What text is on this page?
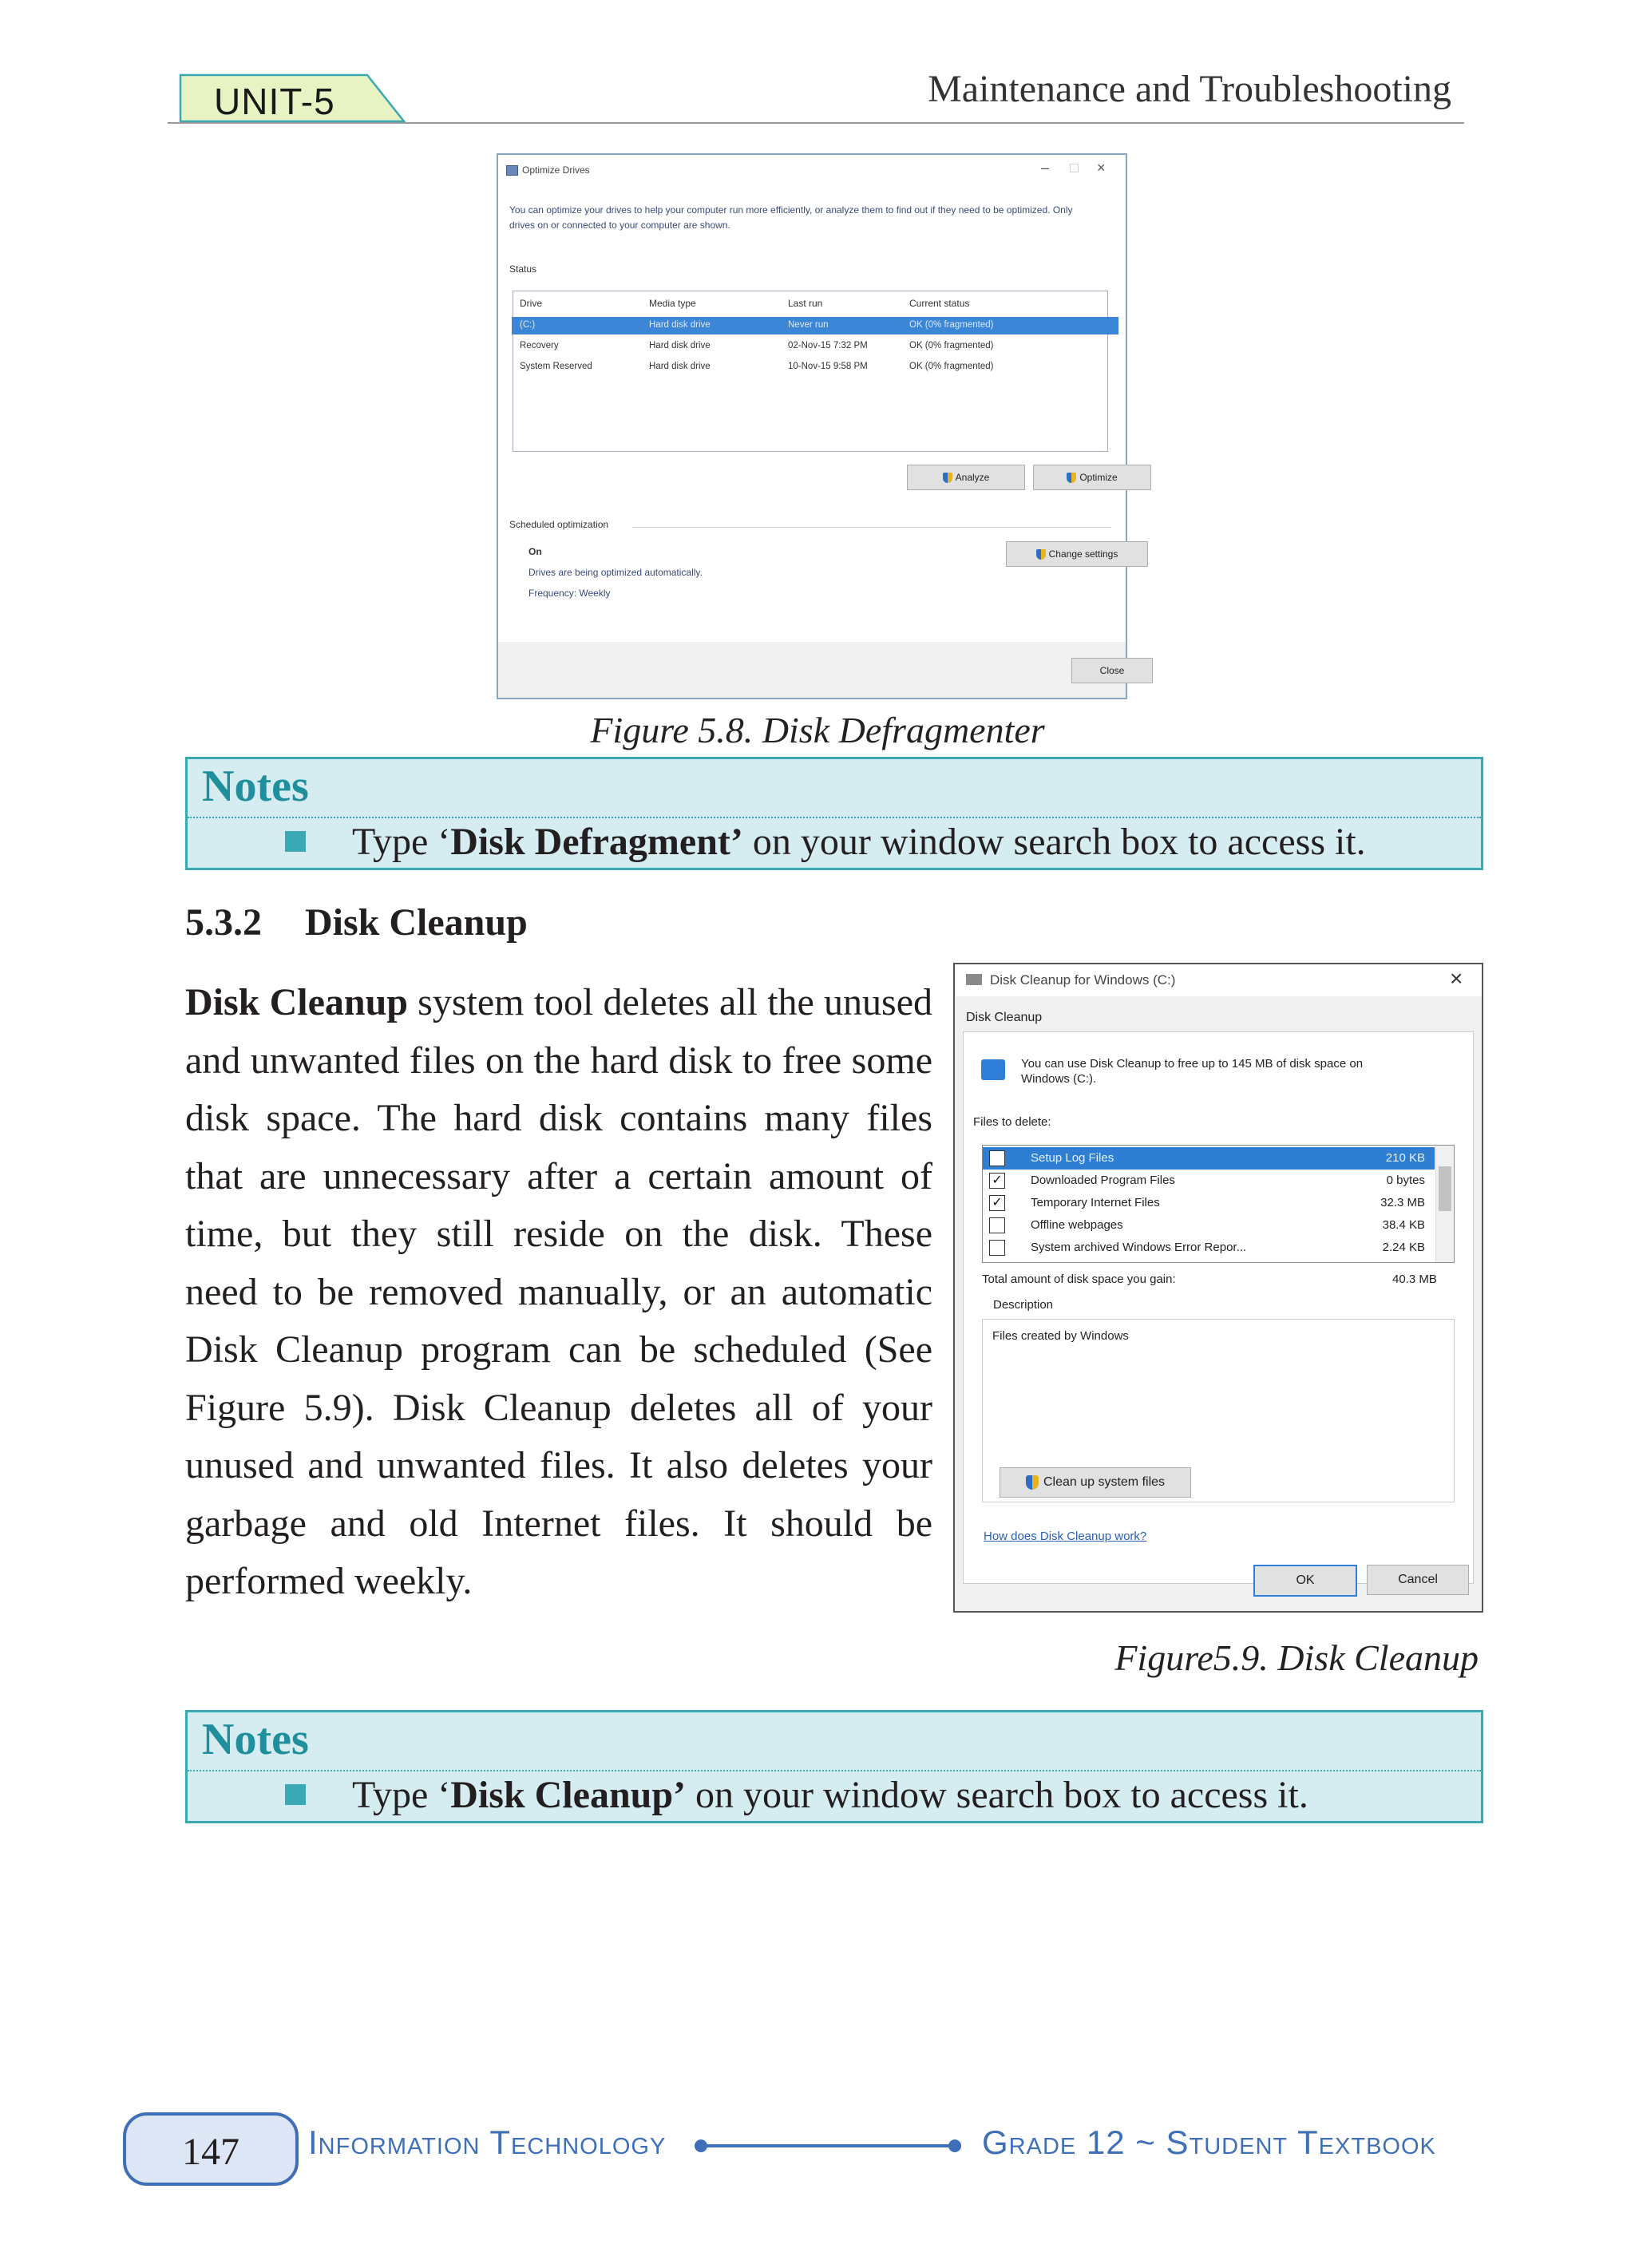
UNIT-5	Maintenance and Troubleshooting
Optimize Drives	– □ ×
You can optimize your drives to help your computer run more efficiently, or analyze them to find out if they need to be optimized. Only drives on or connected to your computer are shown.
Status
Drive	Media type	Last run	Current status
(C:)	Hard disk drive	Never run	OK (0% fragmented)
Recovery	Hard disk drive	02-Nov-15 7:32 PM	OK (0% fragmented)
System Reserved	Hard disk drive	10-Nov-15 9:58 PM	OK (0% fragmented)
Analyze	Optimize
Scheduled optimization
On
Drives are being optimized automatically.
Frequency: Weekly
Change settings
Close
Figure 5.8. Disk Defragmenter
Notes
Type ‘Disk Defragment’ on your window search box to access it.
5.3.2 Disk Cleanup
Disk Cleanup system tool deletes all the unused and unwanted files on the hard disk to free some disk space. The hard disk contains many files that are unnecessary after a certain amount of time, but they still reside on the disk. These need to be removed manually, or an automatic Disk Cleanup program can be scheduled (See Figure 5.9). Disk Cleanup deletes all of your unused and unwanted files. It also deletes your garbage and old Internet files. It should be performed weekly.
Disk Cleanup for Windows (C:)	×
Disk Cleanup
You can use Disk Cleanup to free up to 145 MB of disk space on Windows (C:).
Files to delete:
Setup Log Files	210 KB
✓ Downloaded Program Files	0 bytes
✓ Temporary Internet Files	32.3 MB
Offline webpages	38.4 KB
System archived Windows Error Repor...	2.24 KB
Total amount of disk space you gain:	40.3 MB
Description
Files created by Windows
Clean up system files
How does Disk Cleanup work?
OK	Cancel
Figure5.9. Disk Cleanup
Notes
Type ‘Disk Cleanup’ on your window search box to access it.
147	Information Technology	Grade 12 ~ Student Textbook
